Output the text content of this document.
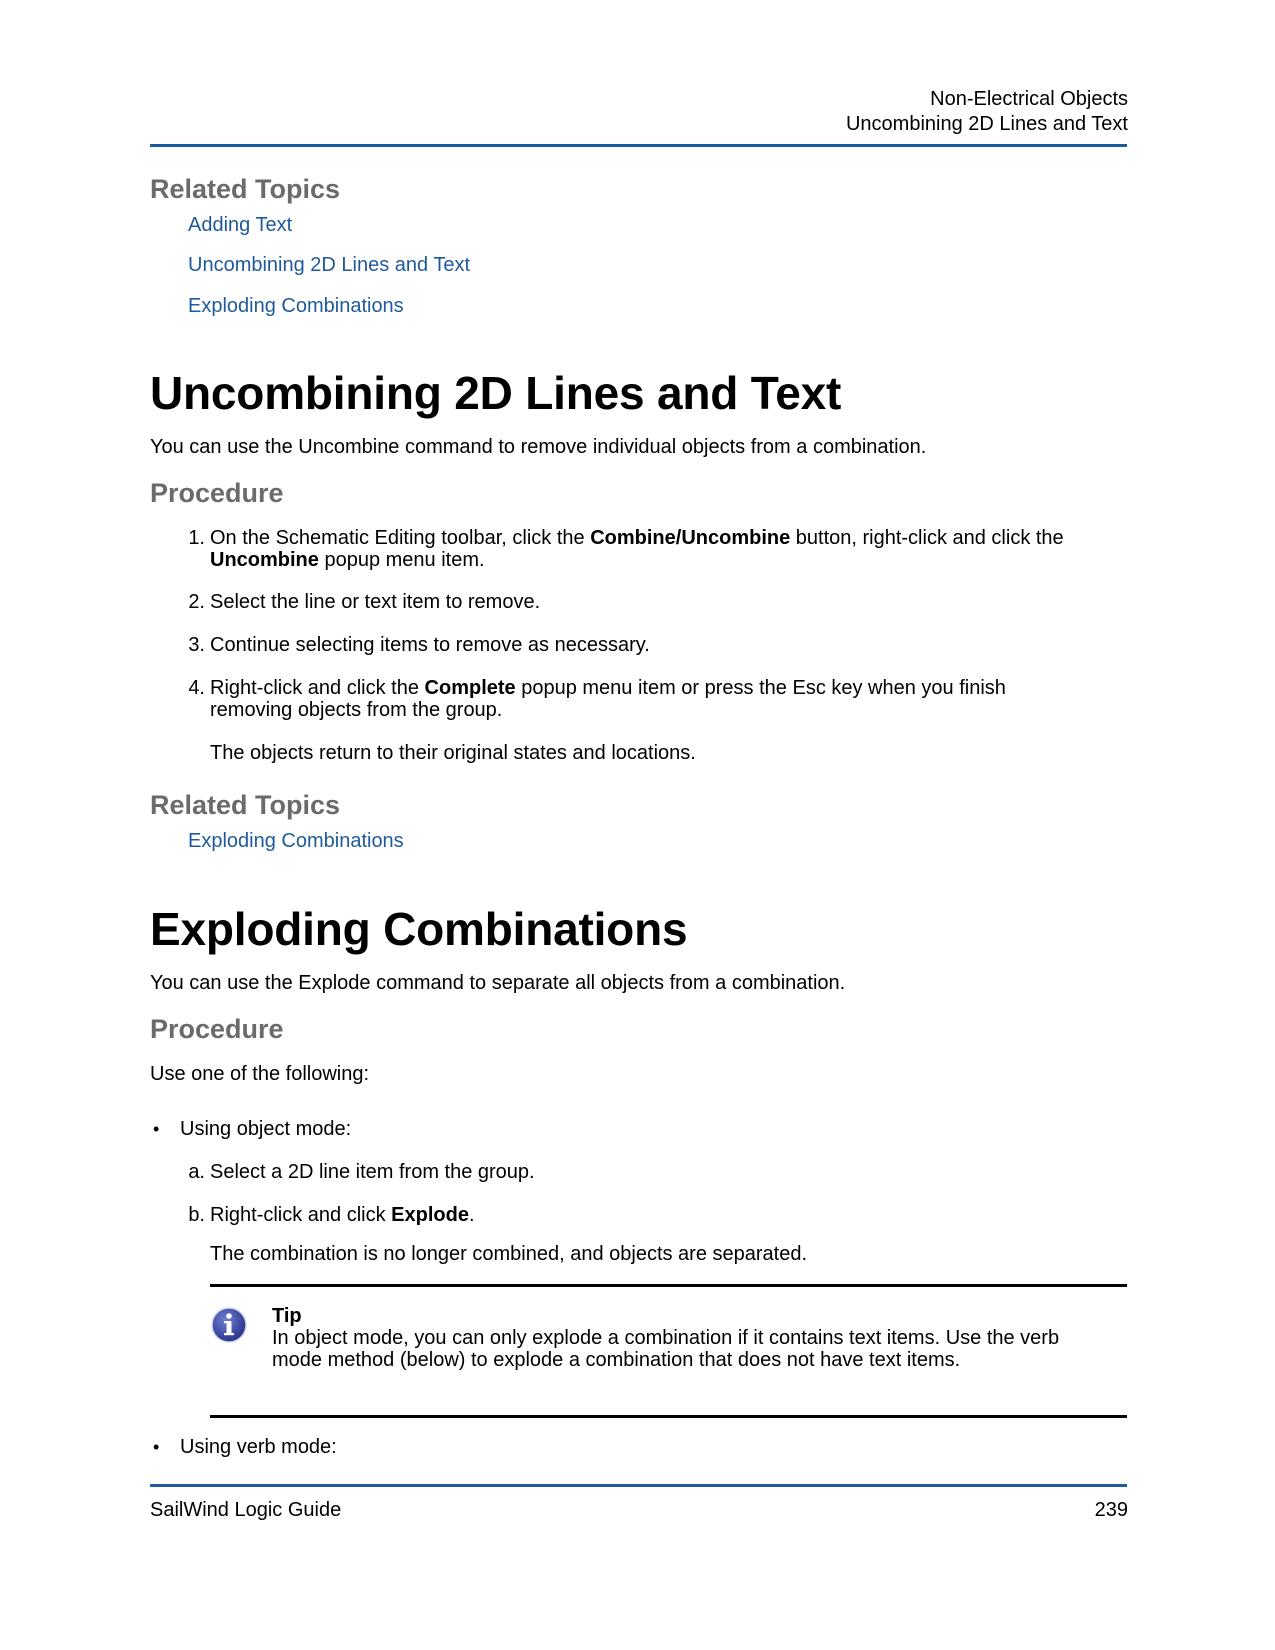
Non-Electrical Objects
Uncombining 2D Lines and Text
Related Topics
Adding Text
Uncombining 2D Lines and Text
Exploding Combinations
Uncombining 2D Lines and Text
You can use the Uncombine command to remove individual objects from a combination.
Procedure
1. On the Schematic Editing toolbar, click the Combine/Uncombine button, right-click and click the
Uncombine popup menu item.
2. Select the line or text item to remove.
3. Continue selecting items to remove as necessary.
4. Right-click and click the Complete popup menu item or press the Esc key when you finish
removing objects from the group.
The objects return to their original states and locations.
Related Topics
Exploding Combinations
Exploding Combinations
You can use the Explode command to separate all objects from a combination.
Procedure
Use one of the following:
• Using object mode:
a. Select a 2D line item from the group.
b. Right-click and click Explode.
The combination is no longer combined, and objects are separated.
Tip
In object mode, you can only explode a combination if it contains text items. Use the verb
mode method (below) to explode a combination that does not have text items.
• Using verb mode:
SailWind Logic Guide	239
